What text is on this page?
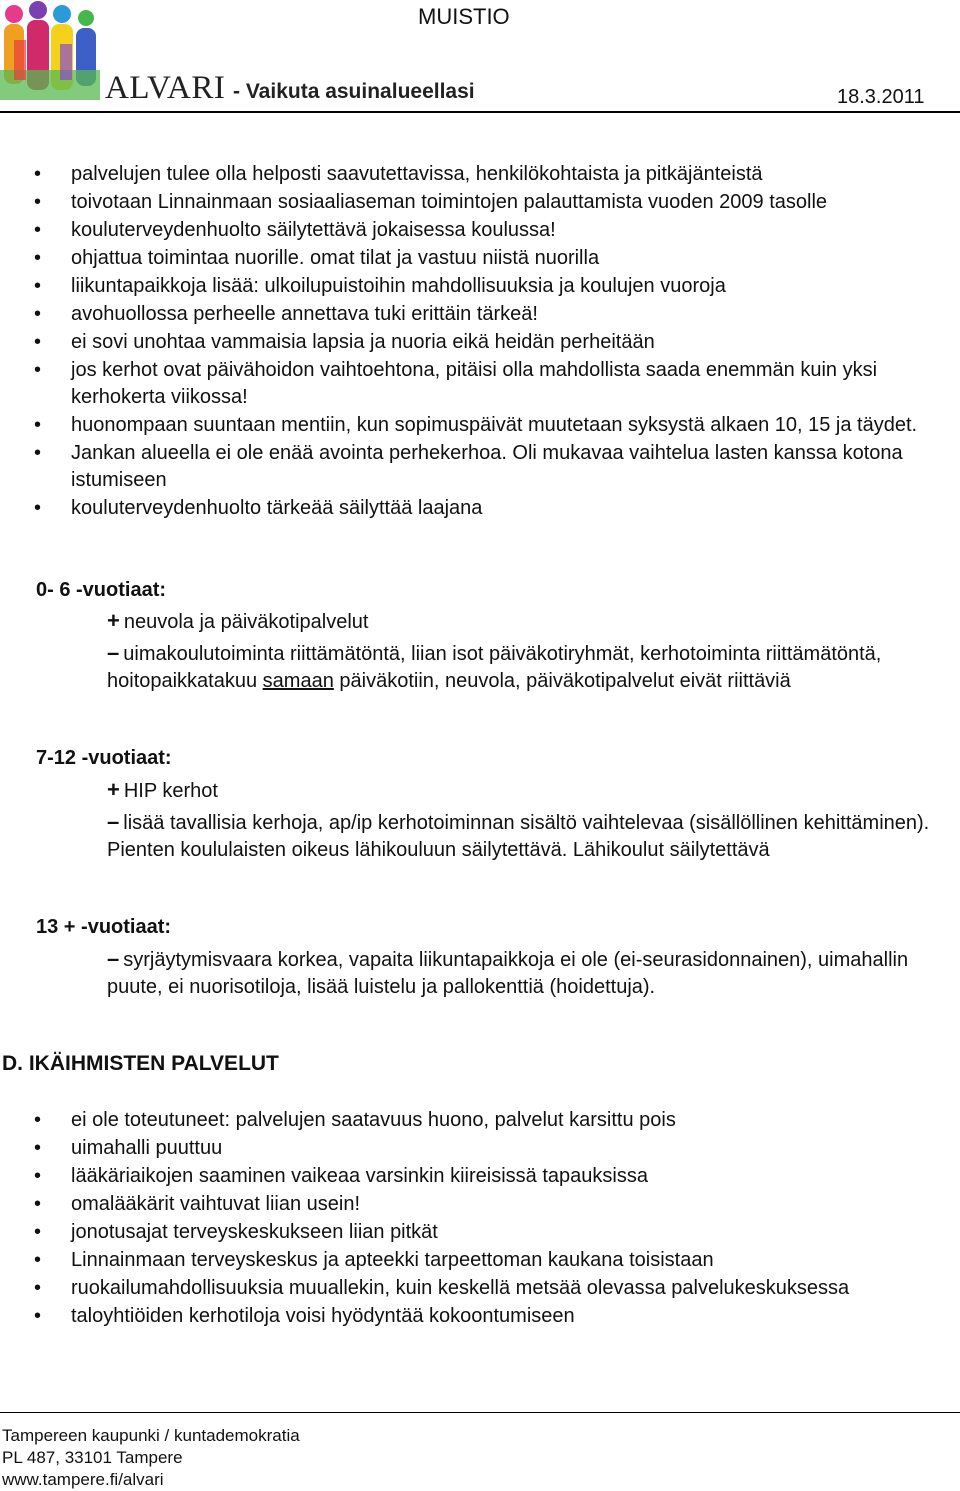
ALVARI - Vaikuta asuinalueellasi
MUISTIO
18.3.2011
• palvelujen tulee olla helposti saavutettavissa, henkilökohtaista ja pitkäjänteistä
• toivotaan Linnainmaan sosiaaliaseman toimintojen palauttamista vuoden 2009 tasolle
• kouluterveydenhuolto säilytettävä jokaisessa koulussa!
• ohjattua toimintaa nuorille. omat tilat ja vastuu niistä nuorilla
• liikuntapaikkoja lisää: ulkoilupuistoihin mahdollisuuksia ja koulujen vuoroja
• avohuollossa perheelle annettava tuki erittäin tärkeä!
• ei sovi unohtaa vammaisia lapsia ja nuoria eikä heidän perheitään
• jos kerhot ovat päivähoidon vaihtoehtona, pitäisi olla mahdollista saada enemmän kuin yksi kerhokerta viikossa!
• huonompaan suuntaan mentiin, kun sopimuspäivät muutetaan syksystä alkaen 10, 15 ja täydet.
• Jankan alueella ei ole enää avointa perhekerhoa. Oli mukavaa vaihtelua lasten kanssa kotona istumiseen
• kouluterveydenhuolto tärkeää säilyttää laajana
0- 6 -vuotiaat:
+ neuvola ja päiväkotipalvelut
– uimakoulutoiminta riittämätöntä, liian isot päiväkotiryhmät, kerhotoiminta riittämätöntä, hoitopaikkatakuu samaan päiväkotiin, neuvola, päiväkotipalvelut eivät riittäviä
7-12 -vuotiaat:
+ HIP kerhot
– lisää tavallisia kerhoja, ap/ip kerhotoiminnan sisältö vaihtelevaa (sisällöllinen kehittäminen). Pienten koululaisten oikeus lähikouluun säilytettävä. Lähikoulut säilytettävä
13 + -vuotiaat:
– syrjäytymisvaara korkea, vapaita liikuntapaikkoja ei ole (ei-seurasidonnainen), uimahallin puute, ei nuorisotiloja, lisää luistelu ja pallokenttiä (hoidettuja).
D. IKÄIHMISTEN PALVELUT
• ei ole toteutuneet: palvelujen saatavuus huono, palvelut karsittu pois
• uimahalli puuttuu
• lääkäriaikojen saaminen vaikeaa varsinkin kiireisissä tapauksissa
• omalääkärit vaihtuvat liian usein!
• jonotusajat terveyskeskukseen liian pitkät
• Linnainmaan terveyskeskus ja apteekki tarpeettoman kaukana toisistaan
• ruokailumahdollisuuksia muuallekin, kuin keskellä metsää olevassa palvelukeskuksessa
• taloyhtiöiden kerhotiloja voisi hyödyntää kokoontumiseen
Tampereen kaupunki / kuntademokratia
PL 487, 33101 Tampere
www.tampere.fi/alvari
